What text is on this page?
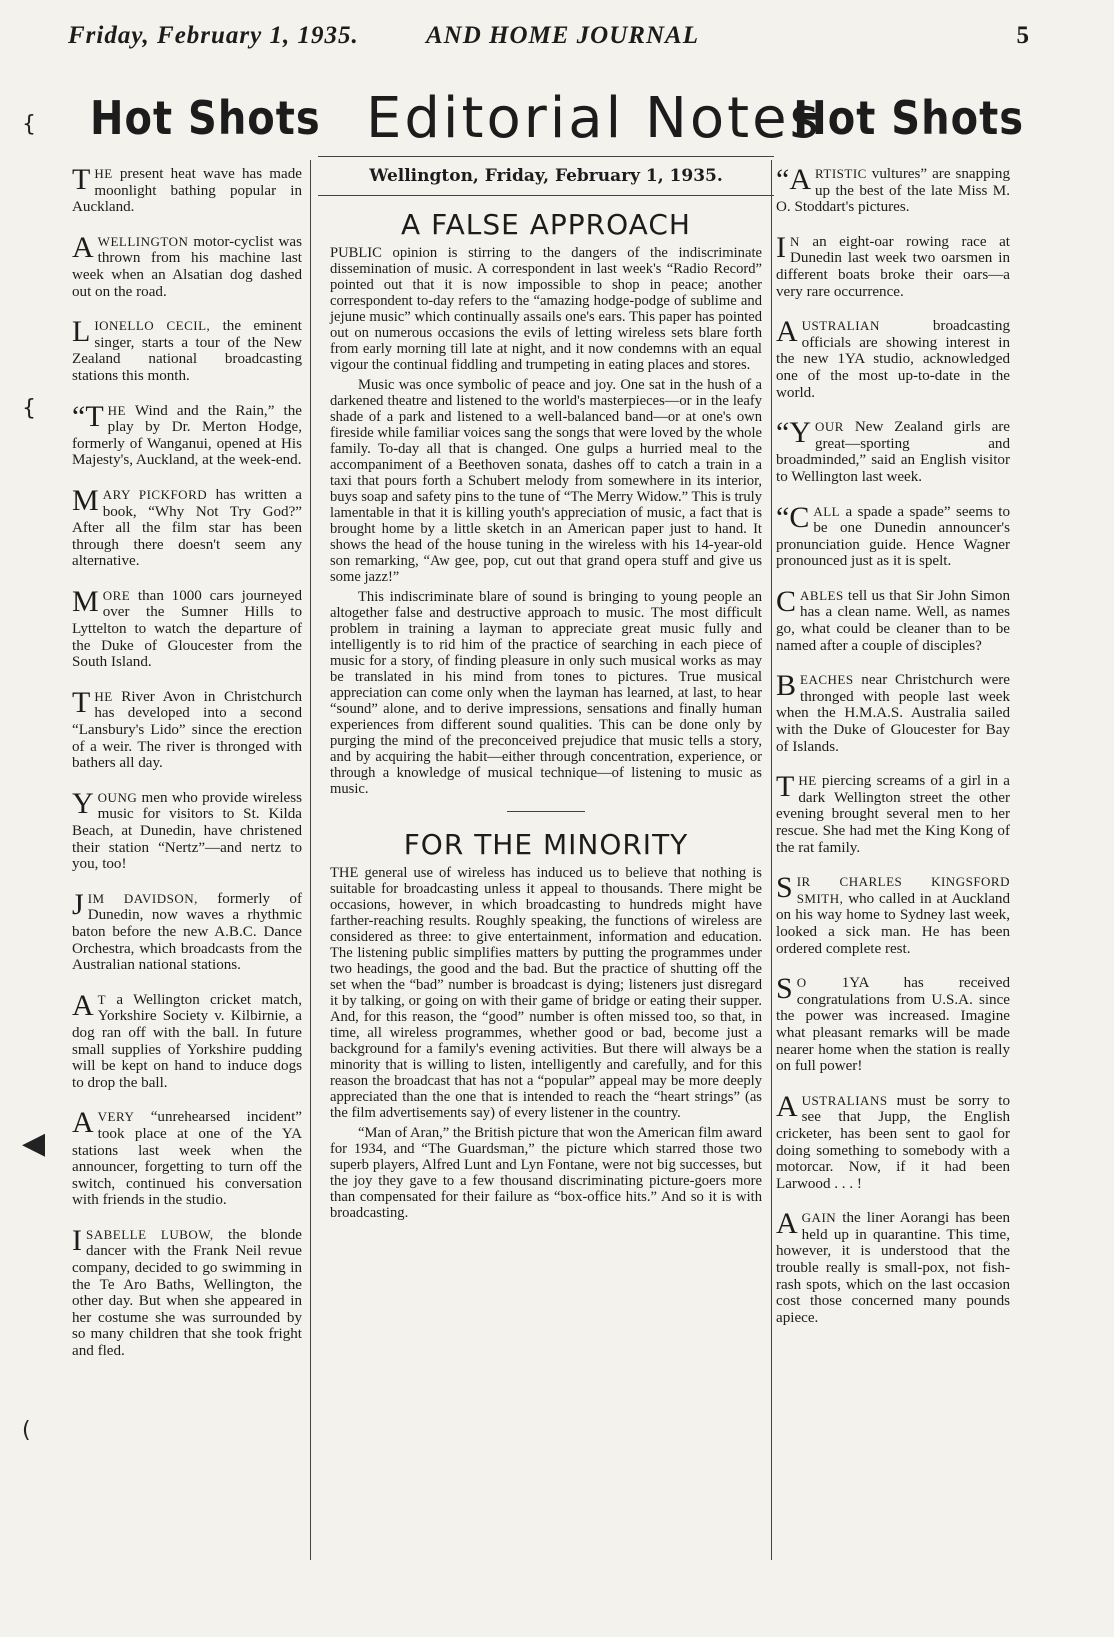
Friday, February 1, 1935.	AND HOME JOURNAL	5
Hot Shots Editorial Notes
Hot Shots
{
{
◀
(
THE present heat wave has made moonlight bathing popular in Auckland.
A WELLINGTON motor-cyclist was thrown from his machine last week when an Alsatian dog dashed out on the road.
LIONELLO CECIL, the eminent singer, starts a tour of the New Zealand national broadcasting stations this month.
“THE Wind and the Rain,” the play by Dr. Merton Hodge, formerly of Wanganui, opened at His Majesty's, Auckland, at the week-end.
MARY PICKFORD has written a book, “Why Not Try God?” After all the film star has been through there doesn't seem any alternative.
MORE than 1000 cars journeyed over the Sumner Hills to Lyttelton to watch the departure of the Duke of Gloucester from the South Island.
THE River Avon in Christchurch has developed into a second “Lansbury's Lido” since the erection of a weir. The river is thronged with bathers all day.
YOUNG men who provide wireless music for visitors to St. Kilda Beach, at Dunedin, have christened their station “Nertz”—and nertz to you, too!
JIM DAVIDSON, formerly of Dunedin, now waves a rhythmic baton before the new A.B.C. Dance Orchestra, which broadcasts from the Australian national stations.
A T a Wellington cricket match, Yorkshire Society v. Kilbirnie, a dog ran off with the ball. In future small supplies of Yorkshire pudding will be kept on hand to induce dogs to drop the ball.
A VERY “unrehearsed incident” took place at one of the YA stations last week when the announcer, forgetting to turn off the switch, continued his conversation with friends in the studio.
ISABELLE LUBOW, the blonde dancer with the Frank Neil revue company, decided to go swimming in the Te Aro Baths, Wellington, the other day. But when she appeared in her costume she was surrounded by so many children that she took fright and fled.
Wellington, Friday, February 1, 1935.
A FALSE APPROACH

PUBLIC opinion is stirring to the dangers of the indiscriminate dissemination of music. A correspondent in last week's “Radio Record” pointed out that it is now impossible to shop in peace; another correspondent to-day refers to the “amazing hodge-podge of sublime and jejune music” which continually assails one's ears. This paper has pointed out on numerous occasions the evils of letting wireless sets blare forth from early morning till late at night, and it now condemns with an equal vigour the continual fiddling and trumpeting in eating places and stores.

Music was once symbolic of peace and joy. One sat in the hush of a darkened theatre and listened to the world's masterpieces—or in the leafy shade of a park and listened to a well-balanced band—or at one's own fireside while familiar voices sang the songs that were loved by the whole family. To-day all that is changed. One gulps a hurried meal to the accompaniment of a Beethoven sonata, dashes off to catch a train in a taxi that pours forth a Schubert melody from somewhere in its interior, buys soap and safety pins to the tune of “The Merry Widow.” This is truly lamentable in that it is killing youth's appreciation of music, a fact that is brought home by a little sketch in an American paper just to hand. It shows the head of the house tuning in the wireless with his 14-year-old son remarking, “Aw gee, pop, cut out that grand opera stuff and give us some jazz!”

This indiscriminate blare of sound is bringing to young people an altogether false and destructive approach to music. The most difficult problem in training a layman to appreciate great music fully and intelligently is to rid him of the practice of searching in each piece of music for a story, of finding pleasure in only such musical works as may be translated in his mind from tones to pictures. True musical appreciation can come only when the layman has learned, at last, to hear “sound” alone, and to derive impressions, sensations and finally human experiences from different sound qualities. This can be done only by purging the mind of the preconceived prejudice that music tells a story, and by acquiring the habit—either through concentration, experience, or through a knowledge of musical technique—of listening to music as music.

FOR THE MINORITY

THE general use of wireless has induced us to believe that nothing is suitable for broadcasting unless it appeal to thousands. There might be occasions, however, in which broadcasting to hundreds might have farther-reaching results. Roughly speaking, the functions of wireless are considered as three: to give entertainment, information and education. The listening public simplifies matters by putting the programmes under two headings, the good and the bad. But the practice of shutting off the set when the “bad” number is broadcast is dying; listeners just disregard it by talking, or going on with their game of bridge or eating their supper. And, for this reason, the “good” number is often missed too, so that, in time, all wireless programmes, whether good or bad, become just a background for a family's evening activities. But there will always be a minority that is willing to listen, intelligently and carefully, and for this reason the broadcast that has not a “popular” appeal may be more deeply appreciated than the one that is intended to reach the “heart strings” (as the film advertisements say) of every listener in the country.

“Man of Aran,” the British picture that won the American film award for 1934, and “The Guardsman,” the picture which starred those two superb players, Alfred Lunt and Lyn Fontane, were not big successes, but the joy they gave to a few thousand discriminating picture-goers more than compensated for their failure as “box-office hits.” And so it is with broadcasting.

“ARTISTIC vultures” are snapping up the best of the late Miss M. O. Stoddart's pictures.
I N an eight-oar rowing race at Dunedin last week two oarsmen in different boats broke their oars—a very rare occurrence.
AUSTRALIAN broadcasting officials are showing interest in the new 1YA studio, acknowledged one of the most up-to-date in the world.
“YOUR New Zealand girls are great—sporting and broadminded,” said an English visitor to Wellington last week.
“CALL a spade a spade” seems to be one Dunedin announcer's pronunciation guide. Hence Wagner pronounced just as it is spelt.
CABLES tell us that Sir John Simon has a clean name. Well, as names go, what could be cleaner than to be named after a couple of disciples?
BEACHES near Christchurch were thronged with people last week when the H.M.A.S. Australia sailed with the Duke of Gloucester for Bay of Islands.
THE piercing screams of a girl in a dark Wellington street the other evening brought several men to her rescue. She had met the King Kong of the rat family.
SIR CHARLES KINGSFORD SMITH, who called in at Auckland on his way home to Sydney last week, looked a sick man. He has been ordered complete rest.
S O 1YA has received congratulations from U.S.A. since the power was increased. Imagine what pleasant remarks will be made nearer home when the station is really on full power!
AUSTRALIANS must be sorry to see that Jupp, the English cricketer, has been sent to gaol for doing something to somebody with a motorcar. Now, if it had been Larwood . . . !
AGAIN the liner Aorangi has been held up in quarantine. This time, however, it is understood that the trouble really is small-pox, not fish-rash spots, which on the last occasion cost those concerned many pounds apiece.
